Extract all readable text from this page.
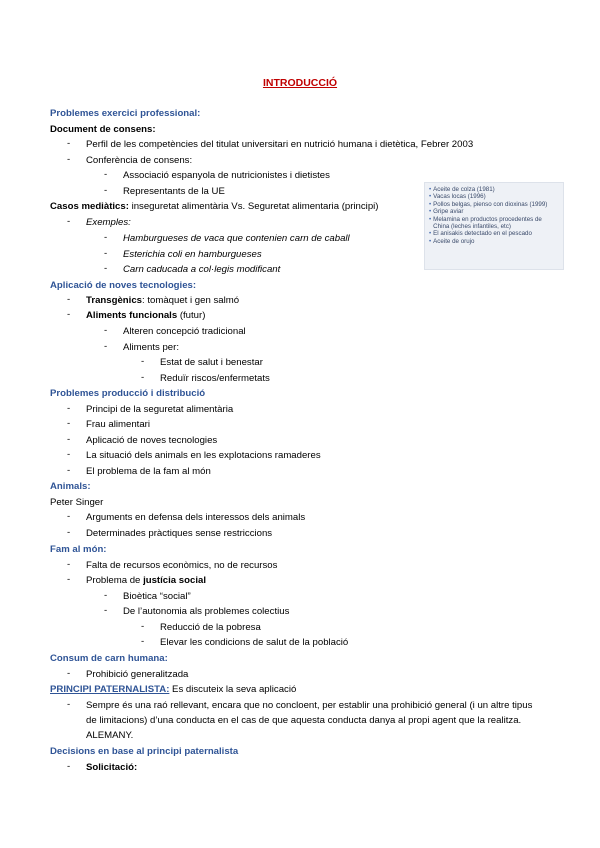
INTRODUCCIÓ
Problemes exercici professional:
Document de consens:
- Perfil de les competències del titulat universitari en nutrició humana i dietètica, Febrer 2003
- Conferència de consens:
- Associació espanyola de nutricionistes i dietistes
- Representants de la UE
Casos mediàtics: inseguretat alimentària Vs. Seguretat alimentaria (principi)
- Exemples:
- Hamburgueses de vaca que contenien carn de caball
- Esterichia coli en hamburgueses
- Carn caducada a col·legis modificant
• Aceite de colza (1981)
• Vacas locas (1996)
• Pollos belgas, pienso con dioxinas (1999)
• Gripe aviar
• Melamina en productos procedentes de
China (leches infantiles, etc)
• El anisakis detectado en el pescado
• Aceite de orujo
Aplicació de noves tecnologies:
- Transgènics: tomàquet i gen salmó
- Aliments funcionals (futur)
- Alteren concepció tradicional
- Aliments per:
- Estat de salut i benestar
- Reduïr riscos/enfermetats
Problemes producció i distribució
- Principi de la seguretat alimentària
- Frau alimentari
- Aplicació de noves tecnologies
- La situació dels animals en les explotacions ramaderes
- El problema de la fam al món
Animals:
Peter Singer
- Arguments en defensa dels interessos dels animals
- Determinades pràctiques sense restriccions
Fam al món:
- Falta de recursos econòmics, no de recursos
- Problema de justícia social
- Bioètica “social”
- De l’autonomia als problemes colectius
- Reducció de la pobresa
- Elevar les condicions de salut de la població
Consum de carn humana:
- Prohibició generalitzada
PRINCIPI PATERNALISTA: Es discuteix la seva aplicació
- Sempre és una raó rellevant, encara que no concloent, per establir una prohibició general (i un altre tipus
de limitacions) d’una conducta en el cas de que aquesta conducta danya al propi agent que la realitza.
ALEMANY.
Decisions en base al principi paternalista
- Solicitació:
